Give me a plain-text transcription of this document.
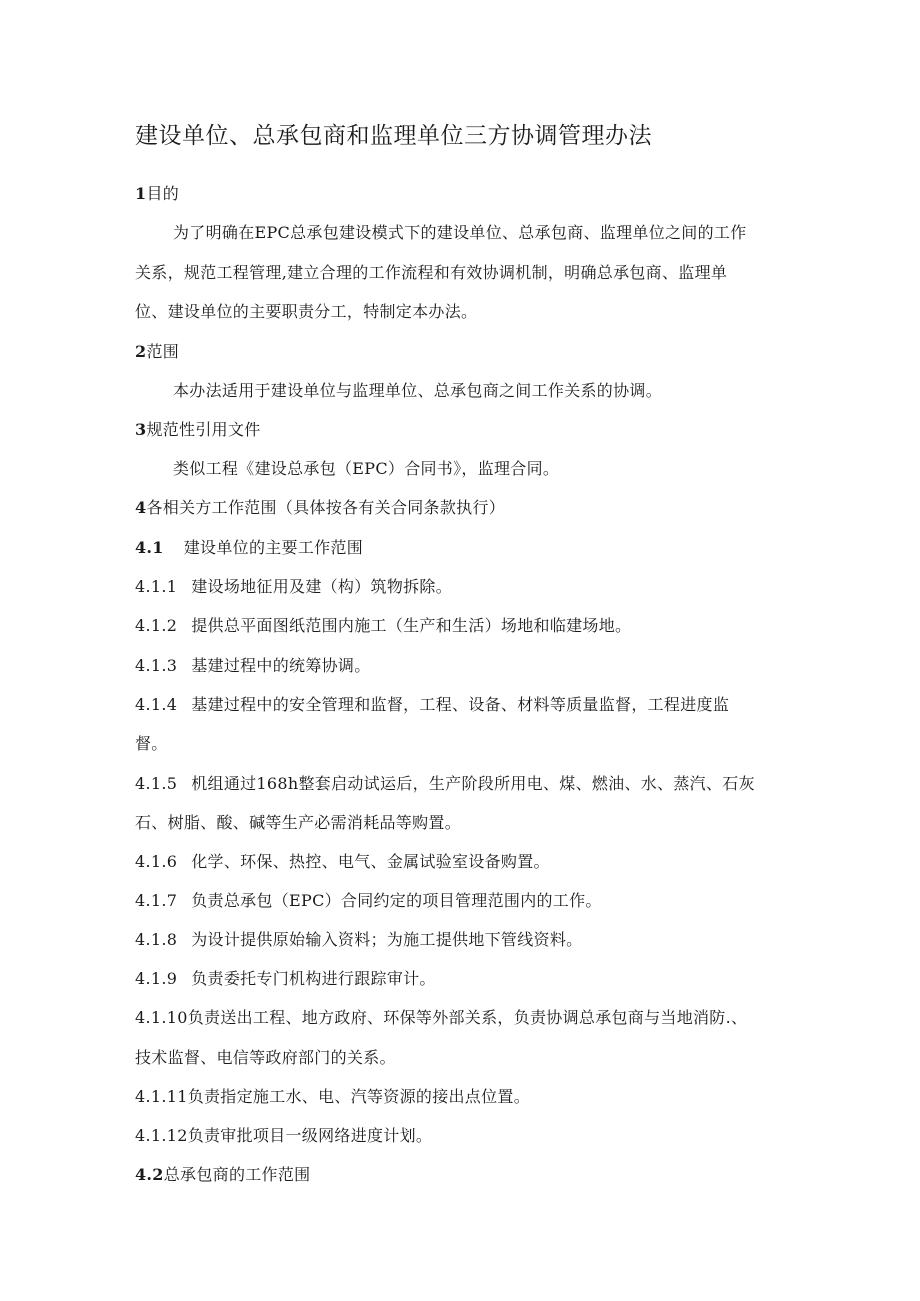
建设单位、总承包商和监理单位三方协调管理办法
1目的
为了明确在EPC总承包建设模式下的建设单位、总承包商、监理单位之间的工作
关系，规范工程管理,建立合理的工作流程和有效协调机制，明确总承包商、监理单
位、建设单位的主要职责分工，特制定本办法。
2范围
本办法适用于建设单位与监理单位、总承包商之间工作关系的协调。
3规范性引用文件
类似工程《建设总承包（EPC）合同书》，监理合同。
4各相关方工作范围（具体按各有关合同条款执行）
4.1 建设单位的主要工作范围
4.1.1 建设场地征用及建（构）筑物拆除。
4.1.2 提供总平面图纸范围内施工（生产和生活）场地和临建场地。
4.1.3 基建过程中的统筹协调。
4.1.4 基建过程中的安全管理和监督，工程、设备、材料等质量监督，工程进度监
督。
4.1.5 机组通过168h整套启动试运后，生产阶段所用电、煤、燃油、水、蒸汽、石灰
石、树脂、酸、碱等生产必需消耗品等购置。
4.1.6 化学、环保、热控、电气、金属试验室设备购置。
4.1.7 负责总承包（EPC）合同约定的项目管理范围内的工作。
4.1.8 为设计提供原始输入资料；为施工提供地下管线资料。
4.1.9 负责委托专门机构进行跟踪审计。
4.1.10负责送出工程、地方政府、环保等外部关系，负责协调总承包商与当地消防.、
技术监督、电信等政府部门的关系。
4.1.11负责指定施工水、电、汽等资源的接出点位置。
4.1.12负责审批项目一级网络进度计划。
4.2总承包商的工作范围
